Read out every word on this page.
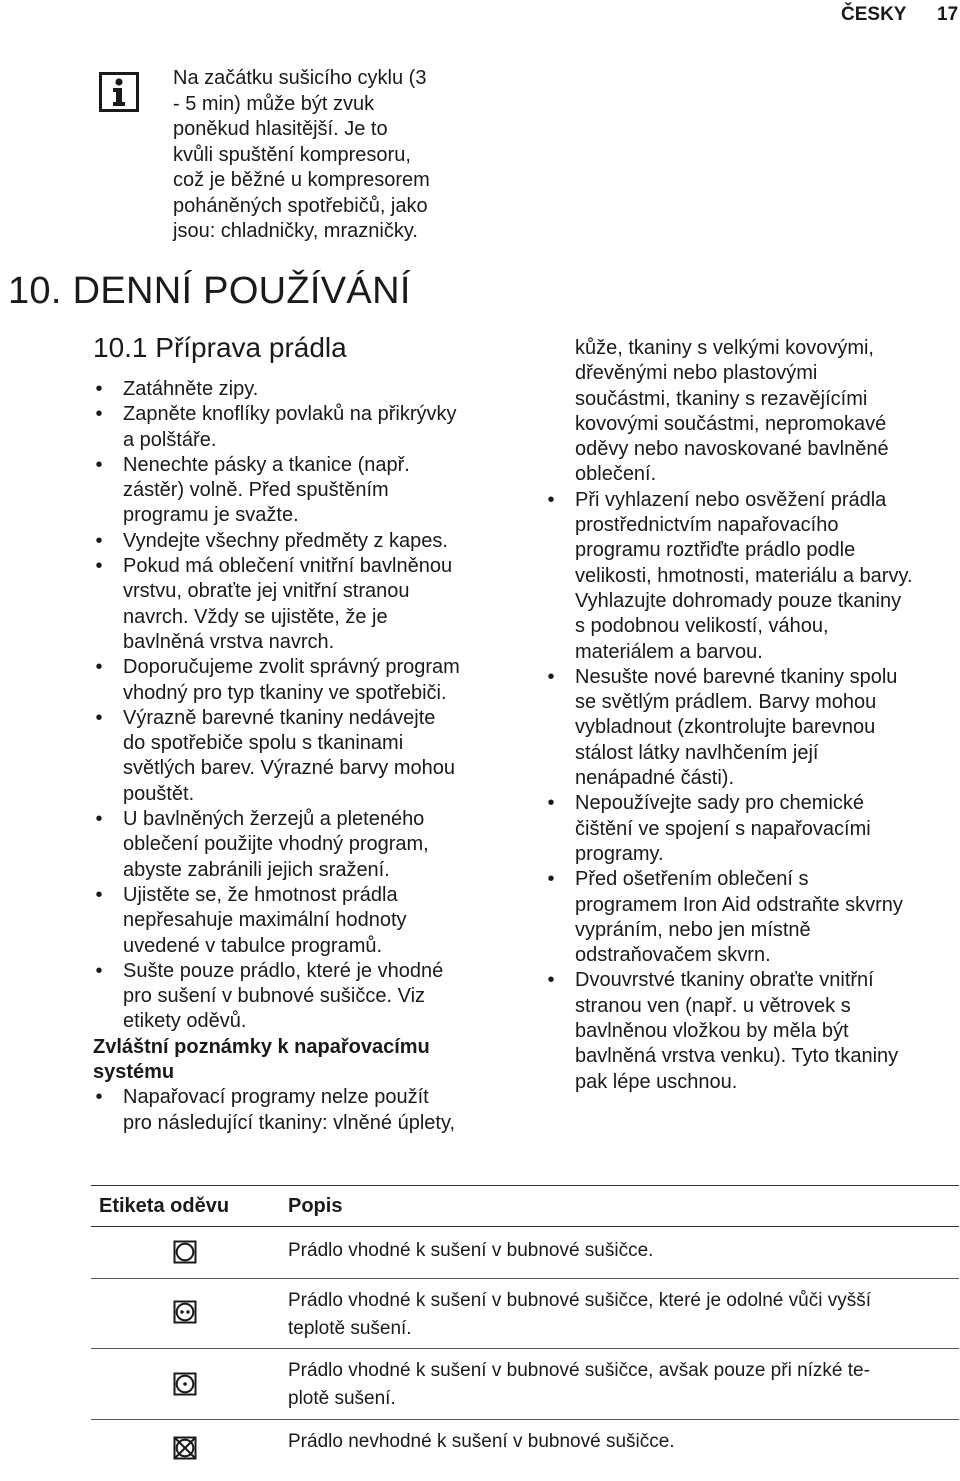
ČESKY 17
Na začátku sušicího cyklu (3
- 5 min) může být zvuk
poněkud hlasitější. Je to
kvůli spuštění kompresoru,
což je běžné u kompresorem
poháněných spotřebičů, jako
jsou: chladničky, mrazničky.
10. DENNÍ POUŽÍVÁNÍ
10.1 Příprava prádla
• Zatáhněte zipy.
• Zapněte knoflíky povlaků na přikrývky
a polštáře.
• Nenechte pásky a tkanice (např.
zástěr) volně. Před spuštěním
programu je svažte.
• Vyndejte všechny předměty z kapes.
• Pokud má oblečení vnitřní bavlněnou
vrstvu, obraťte jej vnitřní stranou
navrch. Vždy se ujistěte, že je
bavlněná vrstva navrch.
• Doporučujeme zvolit správný program
vhodný pro typ tkaniny ve spotřebiči.
• Výrazně barevné tkaniny nedávejte
do spotřebiče spolu s tkaninami
světlých barev. Výrazné barvy mohou
pouštět.
• U bavlněných žerzejů a pleteného
oblečení použijte vhodný program,
abyste zabránili jejich sražení.
• Ujistěte se, že hmotnost prádla
nepřesahuje maximální hodnoty
uvedené v tabulce programů.
• Sušte pouze prádlo, které je vhodné
pro sušení v bubnové sušičce. Viz
etikety oděvů.
Zvláštní poznámky k napařovacímu
systému
• Napařovací programy nelze použít
pro následující tkaniny: vlněné úplety,
kůže, tkaniny s velkými kovovými,
dřevěnými nebo plastovými
součástmi, tkaniny s rezavějícími
kovovými součástmi, nepromokavé
oděvy nebo navoskované bavlněné
oblečení.
• Při vyhlazení nebo osvěžení prádla
prostřednictvím napařovacího
programu roztřiďte prádlo podle
velikosti, hmotnosti, materiálu a barvy.
Vyhlazujte dohromady pouze tkaniny
s podobnou velikostí, váhou,
materiálem a barvou.
• Nesušte nové barevné tkaniny spolu
se světlým prádlem. Barvy mohou
vybladnout (zkontrolujte barevnou
stálost látky navlhčením její
nenápadné části).
• Nepoužívejte sady pro chemické
čištění ve spojení s napařovacími
programy.
• Před ošetřením oblečení s
programem Iron Aid odstraňte skvrny
vypráním, nebo jen místně
odstraňovačem skvrn.
• Dvouvrstvé tkaniny obraťte vnitřní
stranou ven (např. u větrovek s
bavlněnou vložkou by měla být
bavlněná vrstva venku). Tyto tkaniny
pak lépe uschnou.
Etiketa oděvu	Popis
Prádlo vhodné k sušení v bubnové sušičce.
Prádlo vhodné k sušení v bubnové sušičce, které je odolné vůči vyšší
teplotě sušení.
Prádlo vhodné k sušení v bubnové sušičce, avšak pouze při nízké te-
plotě sušení.
Prádlo nevhodné k sušení v bubnové sušičce.
